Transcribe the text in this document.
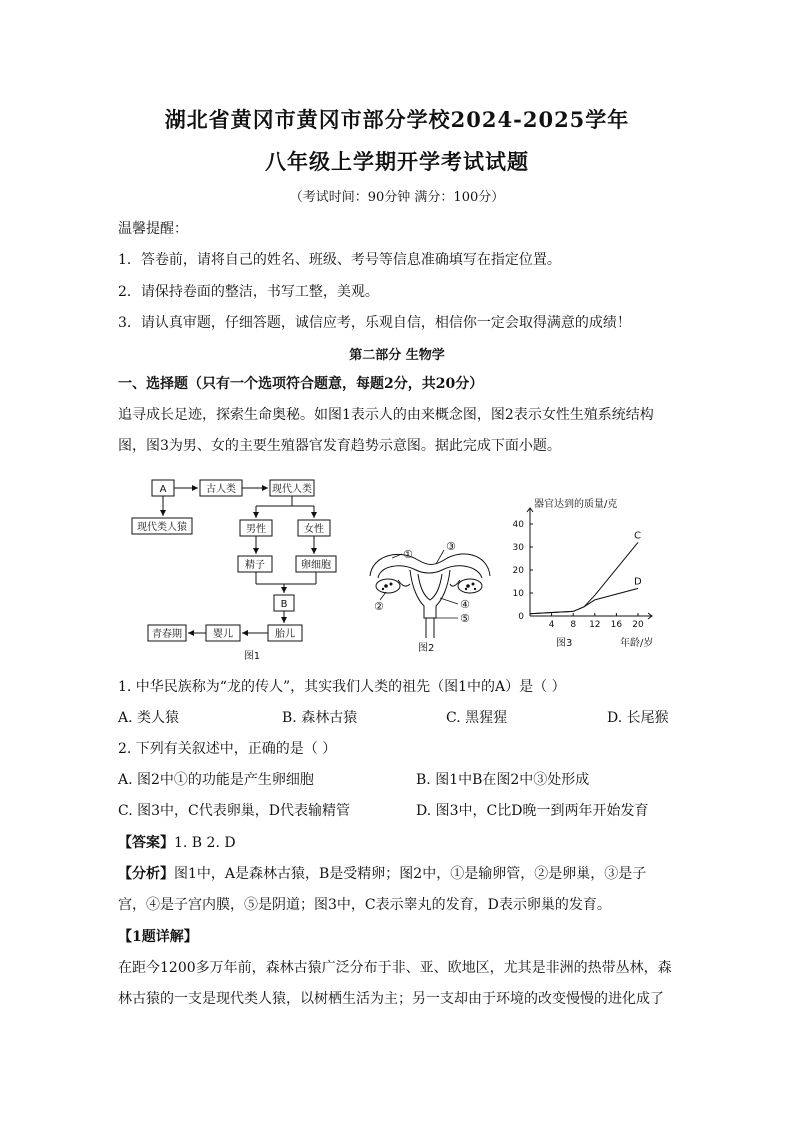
湖北省黄冈市黄冈市部分学校2024-2025学年
八年级上学期开学考试试题
（考试时间：90分钟 满分：100分）
温馨提醒：
1．答卷前，请将自己的姓名、班级、考号等信息准确填写在指定位置。
2．请保持卷面的整洁，书写工整，美观。
3．请认真审题，仔细答题，诚信应考，乐观自信，相信你一定会取得满意的成绩！
第二部分 生物学
一、选择题（只有一个选项符合题意，每题2分，共20分）
追寻成长足迹，探索生命奥秘。如图1表示人的由来概念图，图2表示女性生殖系统结构
图，图3为男、女的主要生殖器官发育趋势示意图。据此完成下面小题。
A	古人类	现代人类
现代类人猿	男性	女性
精子	卵细胞
B
胎儿
婴儿
青春期
图1
①
③
②	④
⑤
图2
器官达到的质量/克
年龄/岁
图3
0
10
20
30
40
4 8 12 16 20
C
D
1. 中华民族称为“龙的传人”，其实我们人类的祖先（图1中的A）是（ ）
A. 类人猿	B. 森林古猿	C. 黑猩猩	D. 长尾猴
2. 下列有关叙述中，正确的是（ ）
A. 图2中①的功能是产生卵细胞	B. 图1中B在图2中③处形成
C. 图3中，C代表卵巢，D代表输精管	D. 图3中，C比D晚一到两年开始发育
【答案】1. B 2. D
【分析】图1中，A是森林古猿，B是受精卵；图2中，①是输卵管，②是卵巢，③是子
宫，④是子宫内膜，⑤是阴道；图3中，C表示睾丸的发育，D表示卵巢的发育。
【1题详解】
在距今1200多万年前，森林古猿广泛分布于非、亚、欧地区，尤其是非洲的热带丛林，森
林古猿的一支是现代类人猿，以树栖生活为主；另一支却由于环境的改变慢慢的进化成了
